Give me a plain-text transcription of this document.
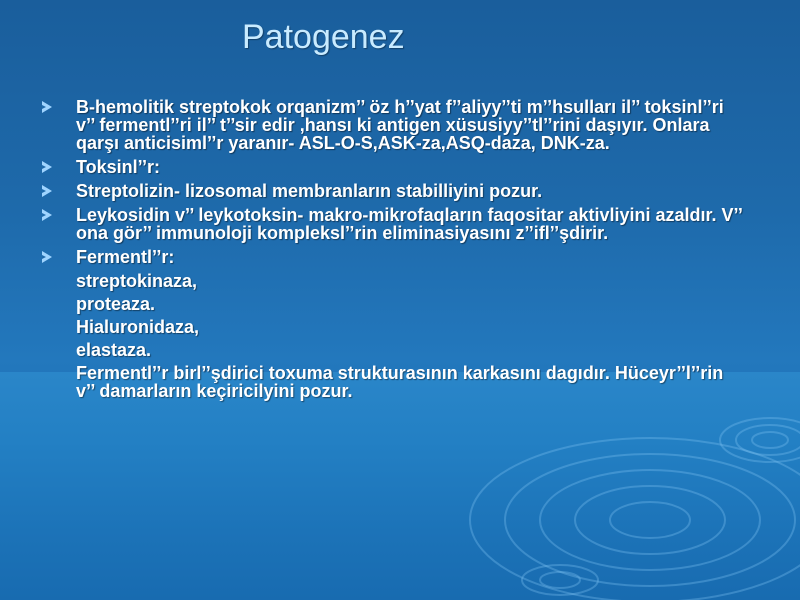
Patogenez
B-hemolitik streptokok orqanizm’’ öz h’’yat f’’aliyy’’ti m’’hsulları il’’ toksinl’’ri v’’ fermentl’’ri il’’ t’’sir edir ,hansı ki antigen xüsusiyy’’tl’’rini daşıyır. Onlara qarşı anticisiml’’r yaranır- ASL-O-S,ASK-za,ASQ-daza, DNK-za.
Toksinl’’r:
Streptolizin- lizosomal membranların stabilliyini pozur.
Leykosidin v’’ leykotoksin- makro-mikrofaqların faqositar aktivliyini azaldır. V’’ ona gör’’ immunoloji kompleksl’’rin eliminasiyasını z’’ifl’’şdirir.
Fermentl’’r:
streptokinaza,
proteaza.
Hialuronidaza,
elastaza.
Fermentl’’r birl’’şdirici toxuma strukturasının karkasını dagıdır. Hüceyr’’l’’rin v’’ damarların keçiricilyini pozur.
